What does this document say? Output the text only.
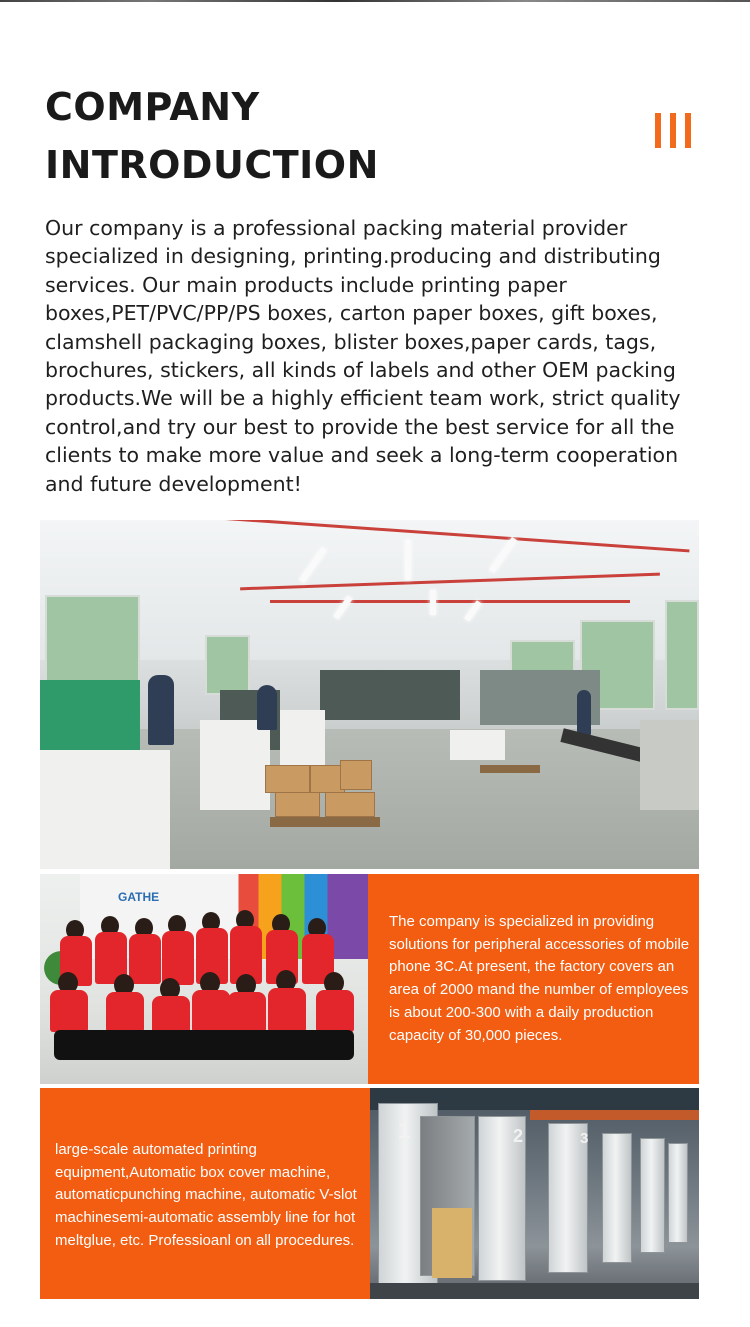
COMPANY
INTRODUCTION

Our company is a professional packing material provider specialized in designing, printing.producing and distributing services. Our main products include printing paper boxes,PET/PVC/PP/PS boxes, carton paper boxes, gift boxes, clamshell packaging boxes, blister boxes,paper cards, tags, brochures, stickers, all kinds of labels and other OEM packing products.We will be a highly efficient team work, strict quality control,and try our best to provide the best service for all the clients to make more value and seek a long-term cooperation and future development!

GATHE

The company is specialized in providing solutions for peripheral accessories of mobile phone 3C.At present, the factory covers an area of 2000 mand the number of employees is about 200-300 with a daily production capacity of 30,000 pieces.

large-scale automated printing equipment,Automatic box cover machine, automaticpunching machine, automatic V-slot machinesemi-automatic assembly line for hot meltglue, etc. Professioanl on all procedures.

1	2	3
